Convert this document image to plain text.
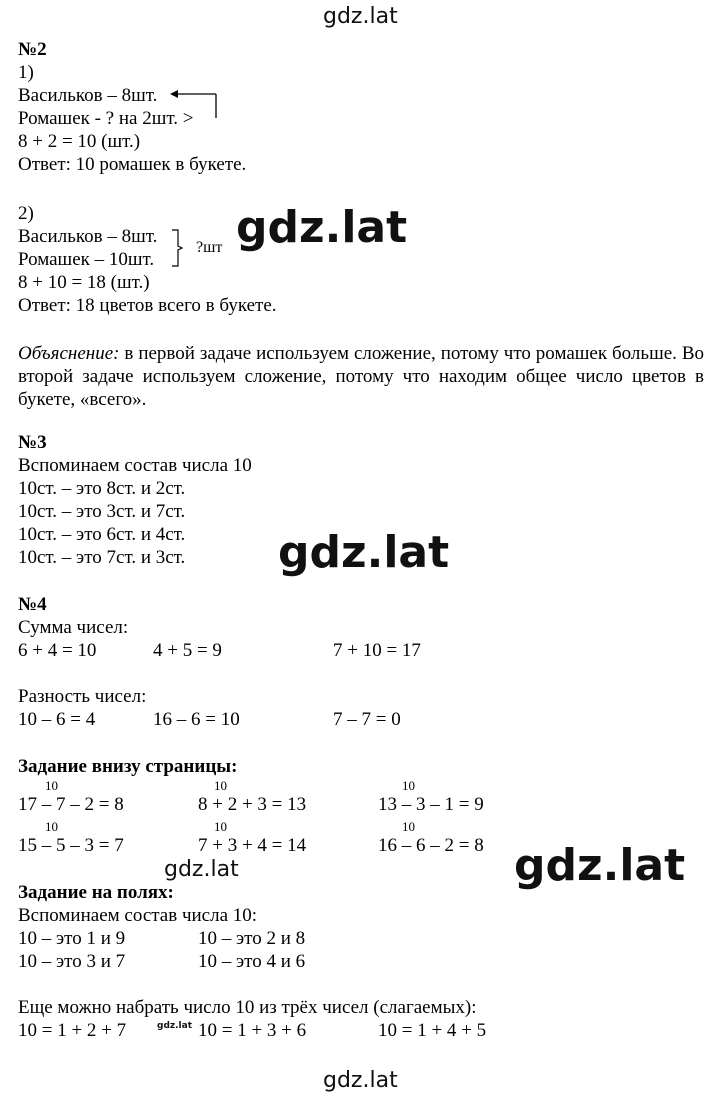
gdz.lat
gdz.lat
gdz.lat
gdz.lat	gdz.lat
gdz.lat
gdz.lat
№2
1)
Васильков – 8шт.
Ромашек - ? на 2шт. >
8 + 2 = 10 (шт.)
Ответ: 10 ромашек в букете.
2)
Васильков – 8шт.
Ромашек – 10шт.
?шт
8 + 10 = 18 (шт.)
Ответ: 18 цветов всего в букете.
Объяснение: в первой задаче используем сложение, потому что ромашек больше. Во второй задаче используем сложение, потому что находим общее число цветов в букете, «всего».
№3
Вспоминаем состав числа 10
10ст. – это 8ст. и 2ст.
10ст. – это 3ст. и 7ст.
10ст. – это 6ст. и 4ст.
10ст. – это 7ст. и 3ст.
№4
Сумма чисел:
6 + 4 = 10	4 + 5 = 9	7 + 10 = 17
Разность чисел:
10 – 6 = 4	16 – 6 = 10	7 – 7 = 0
Задание внизу страницы:
10	10	10
17 – 7 – 2 = 8	8 + 2 + 3 = 13	13 – 3 – 1 = 9
10	10	10
15 – 5 – 3 = 7	7 + 3 + 4 = 14	16 – 6 – 2 = 8
Задание на полях:
Вспоминаем состав числа 10:
10 – это 1 и 9	10 – это 2 и 8
10 – это 3 и 7	10 – это 4 и 6
Еще можно набрать число 10 из трёх чисел (слагаемых):
10 = 1 + 2 + 7	10 = 1 + 3 + 6	10 = 1 + 4 + 5
